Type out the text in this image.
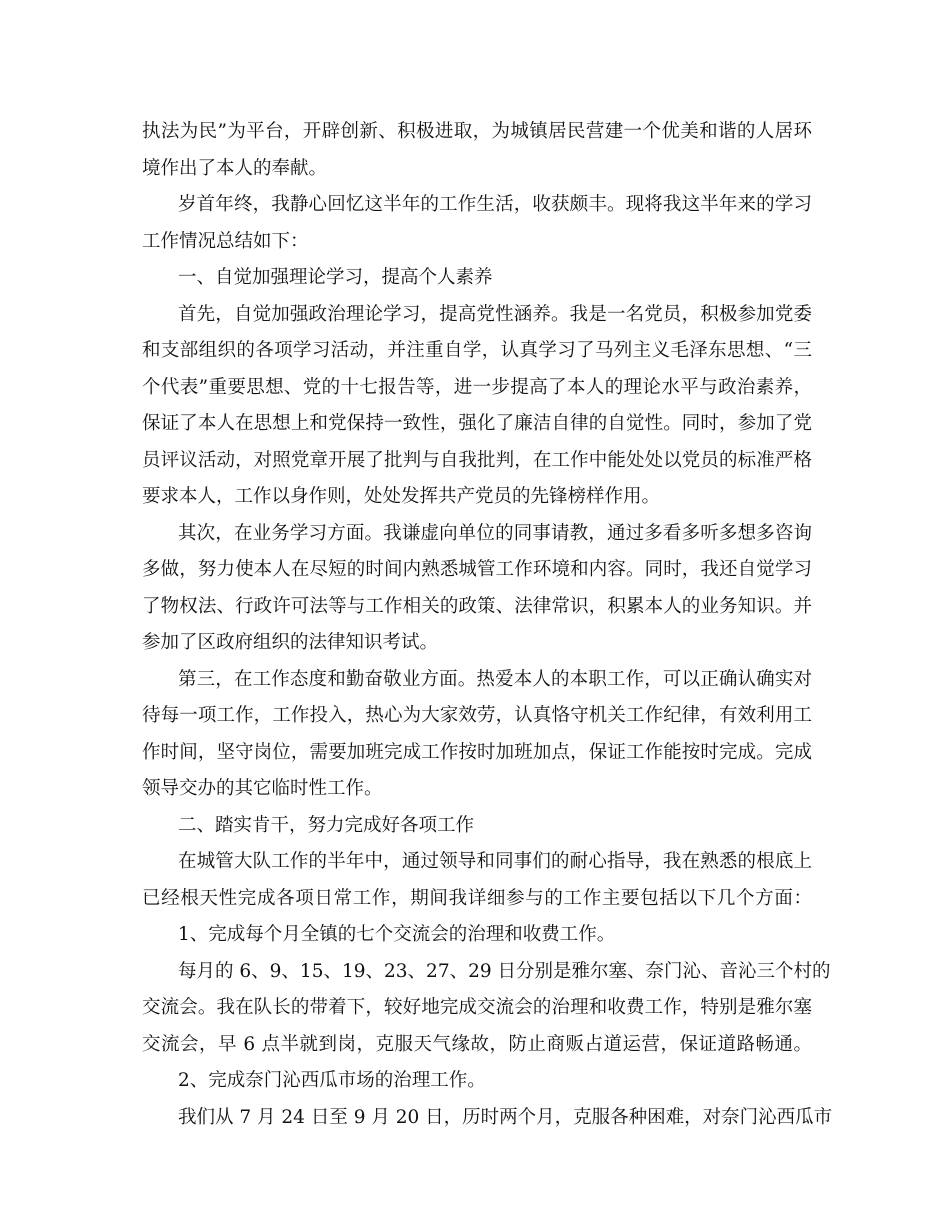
执法为民”为平台，开辟创新、积极进取，为城镇居民营建一个优美和谐的人居环
境作出了本人的奉献。
岁首年终，我静心回忆这半年的工作生活，收获颇丰。现将我这半年来的学习
工作情况总结如下：
一、自觉加强理论学习，提高个人素养
首先，自觉加强政治理论学习，提高党性涵养。我是一名党员，积极参加党委
和支部组织的各项学习活动，并注重自学，认真学习了马列主义毛泽东思想、“三
个代表”重要思想、党的十七报告等，进一步提高了本人的理论水平与政治素养，
保证了本人在思想上和党保持一致性，强化了廉洁自律的自觉性。同时，参加了党
员评议活动，对照党章开展了批判与自我批判，在工作中能处处以党员的标准严格
要求本人，工作以身作则，处处发挥共产党员的先锋榜样作用。
其次，在业务学习方面。我谦虚向单位的同事请教，通过多看多听多想多咨询
多做，努力使本人在尽短的时间内熟悉城管工作环境和内容。同时，我还自觉学习
了物权法、行政许可法等与工作相关的政策、法律常识，积累本人的业务知识。并
参加了区政府组织的法律知识考试。
第三，在工作态度和勤奋敬业方面。热爱本人的本职工作，可以正确认确实对
待每一项工作，工作投入，热心为大家效劳，认真恪守机关工作纪律，有效利用工
作时间，坚守岗位，需要加班完成工作按时加班加点，保证工作能按时完成。完成
领导交办的其它临时性工作。
二、踏实肯干，努力完成好各项工作
在城管大队工作的半年中，通过领导和同事们的耐心指导，我在熟悉的根底上
已经根天性完成各项日常工作，期间我详细参与的工作主要包括以下几个方面：
1、完成每个月全镇的七个交流会的治理和收费工作。
每月的 6、9、15、19、23、27、29 日分别是雅尔塞、奈门沁、音沁三个村的
交流会。我在队长的带着下，较好地完成交流会的治理和收费工作，特别是雅尔塞
交流会，早 6 点半就到岗，克服天气缘故，防止商贩占道运营，保证道路畅通。
2、完成奈门沁西瓜市场的治理工作。
我们从 7 月 24 日至 9 月 20 日，历时两个月，克服各种困难，对奈门沁西瓜市
